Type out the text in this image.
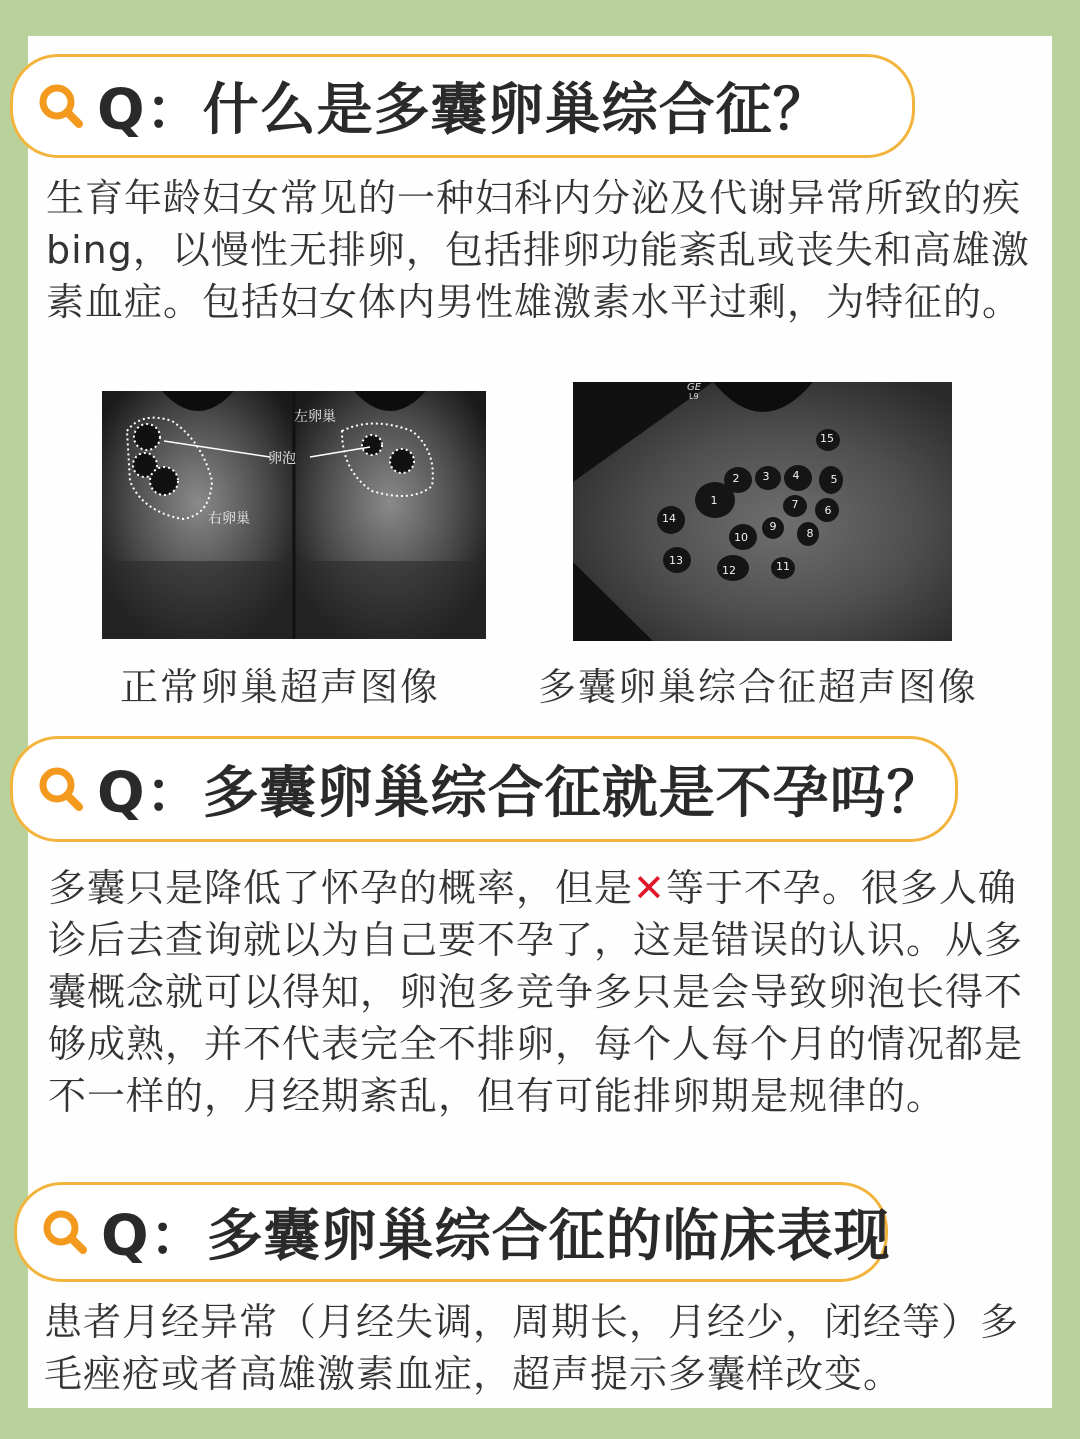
Q：什么是多囊卵巢综合征？
生育年龄妇女常见的一种妇科内分泌及代谢异常所致的疾bing，以慢性无排卵，包括排卵功能紊乱或丧失和高雄激素血症。包括妇女体内男性雄激素水平过剩，为特征的。
左卵巢
卵泡
右卵巢
GE
L9
1
2 3 4	5
6
7
8
9
10
11
12
13
14
15
正常卵巢超声图像	多囊卵巢综合征超声图像
Q：多囊卵巢综合征就是不孕吗？
多囊只是降低了怀孕的概率，但是✕等于不孕。很多人确诊后去查询就以为自己要不孕了，这是错误的认识。从多囊概念就可以得知，卵泡多竞争多只是会导致卵泡长得不够成熟，并不代表完全不排卵，每个人每个月的情况都是不一样的，月经期紊乱，但有可能排卵期是规律的。
Q：多囊卵巢综合征的临床表现
患者月经异常（月经失调，周期长，月经少，闭经等）多毛痤疮或者高雄激素血症，超声提示多囊样改变。
